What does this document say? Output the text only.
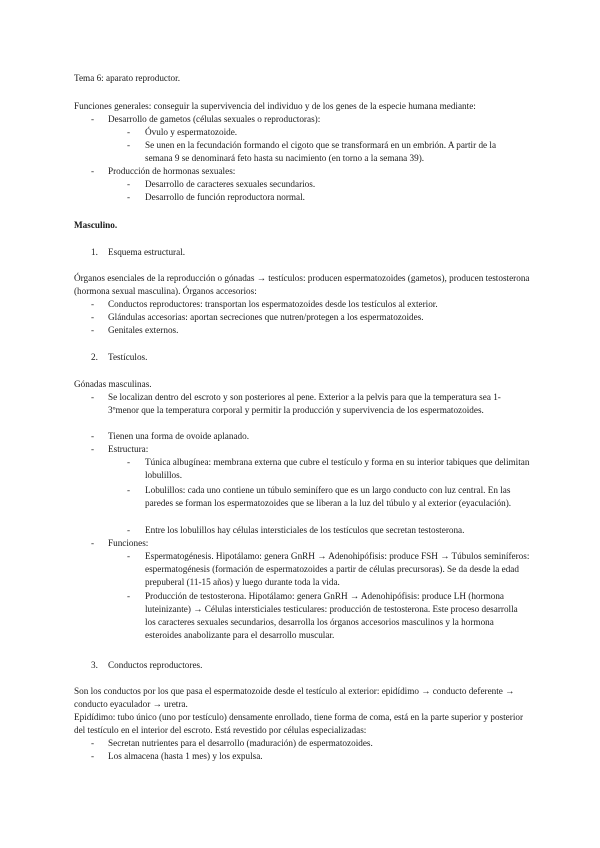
Tema 6: aparato reproductor.

Funciones generales: conseguir la supervivencia del individuo y de los genes de la especie humana mediante:

- Desarrollo de gametos (células sexuales o reproductoras):
- Óvulo y espermatozoide.
- Se unen en la fecundación formando el cigoto que se transformará en un embrión. A partir de la semana 9 se denominará feto hasta su nacimiento (en torno a la semana 39).
- Producción de hormonas sexuales:
- Desarrollo de caracteres sexuales secundarios.
- Desarrollo de función reproductora normal.

Masculino.

1. Esquema estructural.

Órganos esenciales de la reproducción o gónadas → testículos: producen espermatozoides (gametos), producen testosterona (hormona sexual masculina). Órganos accesorios:

- Conductos reproductores: transportan los espermatozoides desde los testículos al exterior.
- Glándulas accesorias: aportan secreciones que nutren/protegen a los espermatozoides.
- Genitales externos.
2. Testículos.

Gónadas masculinas.

- Se localizan dentro del escroto y son posteriores al pene. Exterior a la pelvis para que la temperatura sea 1-3ºmenor que la temperatura corporal y permitir la producción y supervivencia de los espermatozoides.
- Tienen una forma de ovoide aplanado.
- Estructura:
- Túnica albugínea: membrana externa que cubre el testículo y forma en su interior tabiques que delimitan lobulillos.
- Lobulillos: cada uno contiene un túbulo seminífero que es un largo conducto con luz central. En las paredes se forman los espermatozoides que se liberan a la luz del túbulo y al exterior (eyaculación).
- Entre los lobulillos hay células intersticiales de los testículos que secretan testosterona.
- Funciones:
- Espermatogénesis. Hipotálamo: genera GnRH → Adenohipófisis: produce FSH → Túbulos seminíferos: espermatogénesis (formación de espermatozoides a partir de células precursoras). Se da desde la edad prepuberal (11-15 años) y luego durante toda la vida.
- Producción de testosterona. Hipotálamo: genera GnRH → Adenohipófisis: produce LH (hormona luteinizante) → Células intersticiales testiculares: producción de testosterona. Este proceso desarrolla los caracteres sexuales secundarios, desarrolla los órganos accesorios masculinos y la hormona esteroides anabolizante para el desarrollo muscular.
3. Conductos reproductores.

Son los conductos por los que pasa el espermatozoide desde el testículo al exterior: epidídimo → conducto deferente → conducto eyaculador → uretra.

Epidídimo: tubo único (uno por testículo) densamente enrollado, tiene forma de coma, está en la parte superior y posterior del testículo en el interior del escroto. Está revestido por células especializadas:

- Secretan nutrientes para el desarrollo (maduración) de espermatozoides.
- Los almacena (hasta 1 mes) y los expulsa.
